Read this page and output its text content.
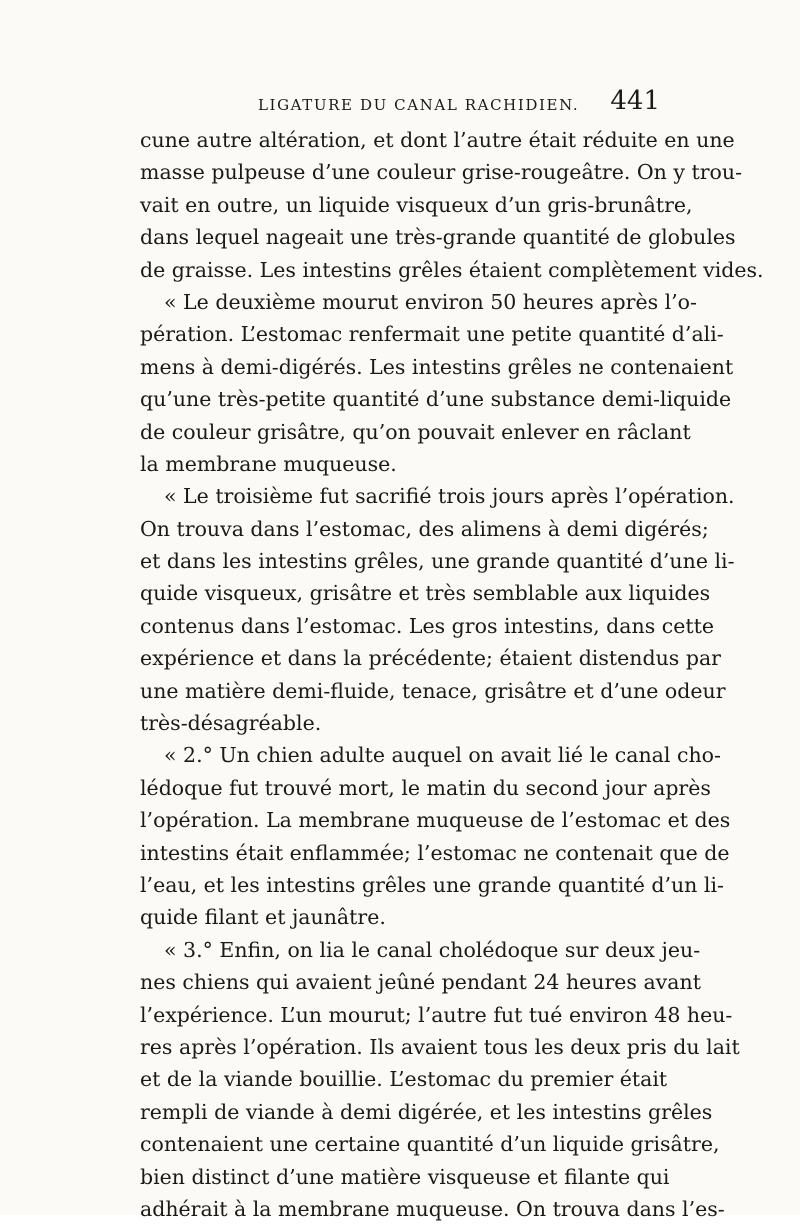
LIGATURE DU CANAL RACHIDIEN. 441
cune autre altération, et dont l’autre était réduite en une
masse pulpeuse d’une couleur grise-rougeâtre. On y trou-
vait en outre, un liquide visqueux d’un gris-brunâtre,
dans lequel nageait une très-grande quantité de globules
de graisse. Les intestins grêles étaient complètement vides.
« Le deuxième mourut environ 50 heures après l’o-
pération. L’estomac renfermait une petite quantité d’ali-
mens à demi-digérés. Les intestins grêles ne contenaient
qu’une très-petite quantité d’une substance demi-liquide
de couleur grisâtre, qu’on pouvait enlever en râclant
la membrane muqueuse.
« Le troisième fut sacrifié trois jours après l’opération.
On trouva dans l’estomac, des alimens à demi digérés;
et dans les intestins grêles, une grande quantité d’une li-
quide visqueux, grisâtre et très semblable aux liquides
contenus dans l’estomac. Les gros intestins, dans cette
expérience et dans la précédente; étaient distendus par
une matière demi-fluide, tenace, grisâtre et d’une odeur
très-désagréable.
« 2.° Un chien adulte auquel on avait lié le canal cho-
lédoque fut trouvé mort, le matin du second jour après
l’opération. La membrane muqueuse de l’estomac et des
intestins était enflammée; l’estomac ne contenait que de
l’eau, et les intestins grêles une grande quantité d’un li-
quide filant et jaunâtre.
« 3.° Enfin, on lia le canal cholédoque sur deux jeu-
nes chiens qui avaient jeûné pendant 24 heures avant
l’expérience. L’un mourut; l’autre fut tué environ 48 heu-
res après l’opération. Ils avaient tous les deux pris du lait
et de la viande bouillie. L’estomac du premier était
rempli de viande à demi digérée, et les intestins grêles
contenaient une certaine quantité d’un liquide grisâtre,
bien distinct d’une matière visqueuse et filante qui
adhérait à la membrane muqueuse. On trouva dans l’es-
